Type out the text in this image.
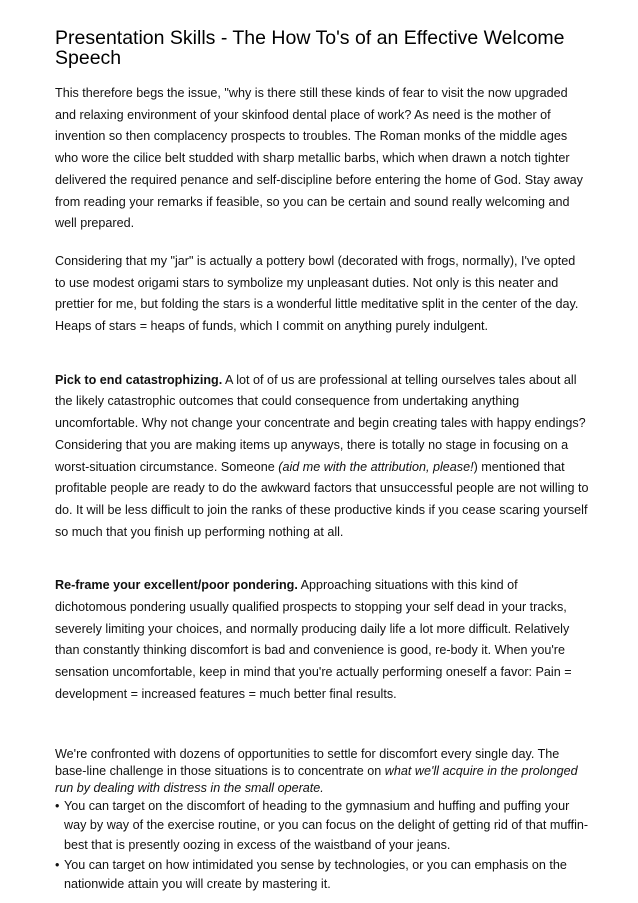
Presentation Skills - The How To's of an Effective Welcome Speech

This therefore begs the issue, "why is there still these kinds of fear to visit the now upgraded and relaxing environment of your skinfood dental place of work? As need is the mother of invention so then complacency prospects to troubles. The Roman monks of the middle ages who wore the cilice belt studded with sharp metallic barbs, which when drawn a notch tighter delivered the required penance and self-discipline before entering the home of God. Stay away from reading your remarks if feasible, so you can be certain and sound really welcoming and well prepared.

Considering that my "jar" is actually a pottery bowl (decorated with frogs, normally), I've opted to use modest origami stars to symbolize my unpleasant duties. Not only is this neater and prettier for me, but folding the stars is a wonderful little meditative split in the center of the day. Heaps of stars = heaps of funds, which I commit on anything purely indulgent.

Pick to end catastrophizing. A lot of of us are professional at telling ourselves tales about all the likely catastrophic outcomes that could consequence from undertaking anything uncomfortable. Why not change your concentrate and begin creating tales with happy endings? Considering that you are making items up anyways, there is totally no stage in focusing on a worst-situation circumstance. Someone (aid me with the attribution, please!) mentioned that profitable people are ready to do the awkward factors that unsuccessful people are not willing to do. It will be less difficult to join the ranks of these productive kinds if you cease scaring yourself so much that you finish up performing nothing at all.

Re-frame your excellent/poor pondering. Approaching situations with this kind of dichotomous pondering usually qualified prospects to stopping your self dead in your tracks, severely limiting your choices, and normally producing daily life a lot more difficult. Relatively than constantly thinking discomfort is bad and convenience is good, re-body it. When you're sensation uncomfortable, keep in mind that you're actually performing oneself a favor: Pain = development = increased features = much better final results.

We're confronted with dozens of opportunities to settle for discomfort every single day. The base-line challenge in those situations is to concentrate on what we'll acquire in the prolonged run by dealing with distress in the small operate.

• You can target on the discomfort of heading to the gymnasium and huffing and puffing your way by way of the exercise routine, or you can focus on the delight of getting rid of that muffin-best that is presently oozing in excess of the waistband of your jeans.
• You can target on how intimidated you sense by technologies, or you can emphasis on the nationwide attain you will create by mastering it.
